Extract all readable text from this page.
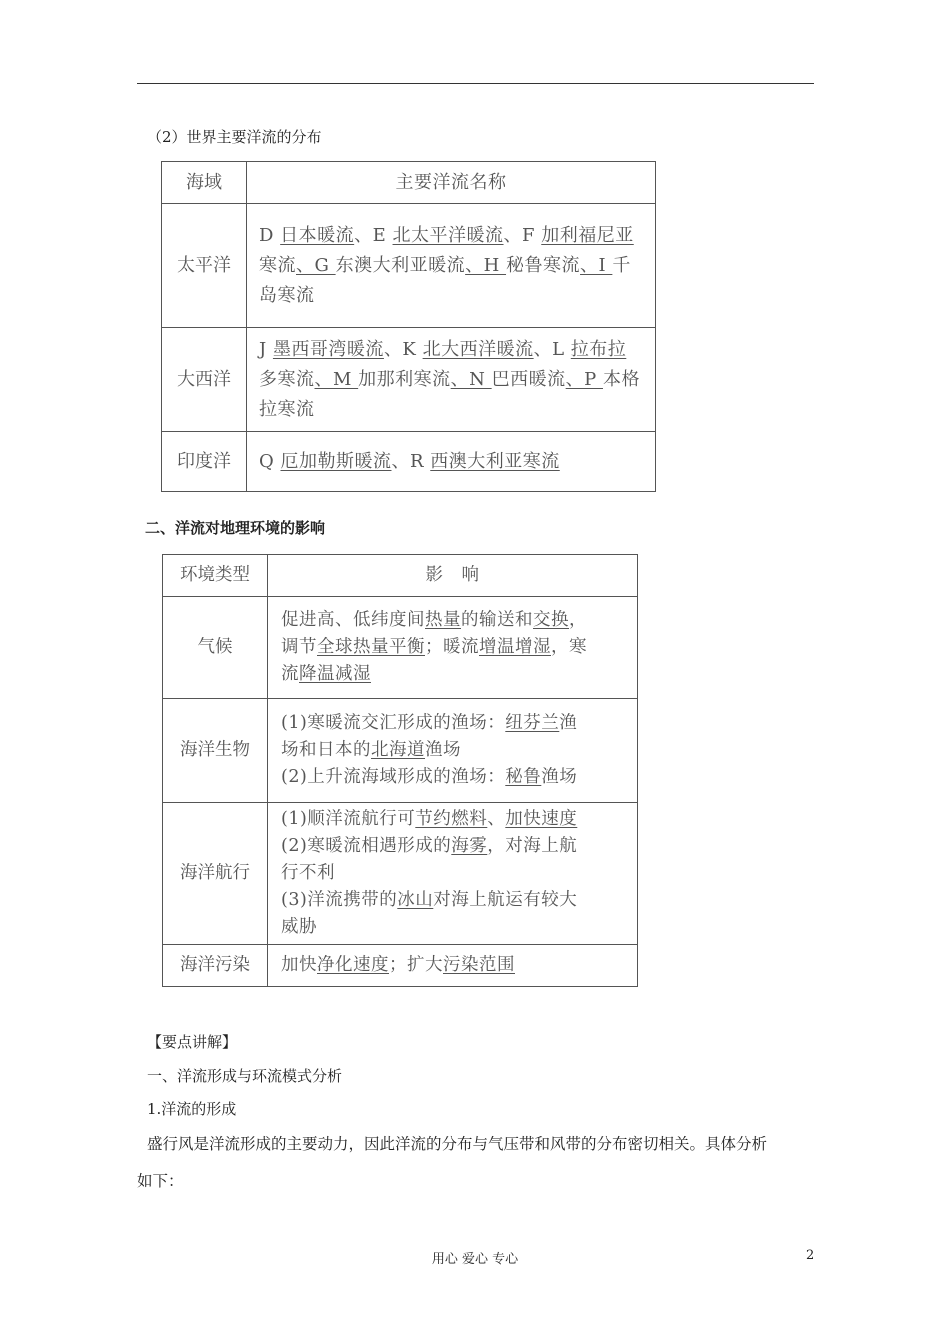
（2）世界主要洋流的分布
海域	主要洋流名称
太平洋	D 日本暖流、E 北太平洋暖流、F 加利福尼亚
寒流、G 东澳大利亚暖流、H 秘鲁寒流、I 千
岛寒流

大西洋	J 墨西哥湾暖流、K 北大西洋暖流、L 拉布拉
多寒流、M 加那利寒流、N 巴西暖流、P 本格
拉寒流

印度洋	Q 厄加勒斯暖流、R 西澳大利亚寒流
二、洋流对地理环境的影响
环境类型	影　响
气候	促进高、低纬度间热量的输送和交换，
调节全球热量平衡；暖流增温增湿，寒
流降温减湿

海洋生物	(1)寒暖流交汇形成的渔场：纽芬兰渔
场和日本的北海道渔场
(2)上升流海域形成的渔场：秘鲁渔场

海洋航行	(1)顺洋流航行可节约燃料、加快速度
(2)寒暖流相遇形成的海雾，对海上航
行不利
(3)洋流携带的冰山对海上航运有较大
威胁

海洋污染	加快净化速度；扩大污染范围
【要点讲解】
一、洋流形成与环流模式分析
1.洋流的形成
盛行风是洋流形成的主要动力，因此洋流的分布与气压带和风带的分布密切相关。具体分析
如下：
用心 爱心 专心	2
